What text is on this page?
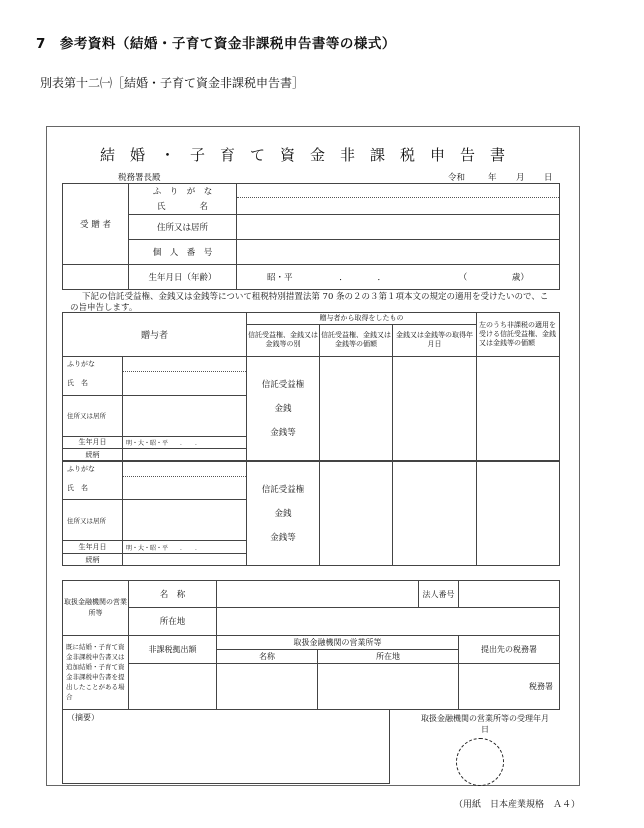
7　参考資料（結婚・子育て資金非課税申告書等の様式）
別表第十二㈠［結婚・子育て資金非課税申告書］
結婚・子育て資金非課税申告書
税務署長殿	令和	年 月 日
受 贈 者	ふ　り　が　な	
	氏　　　　名	
	住所又は居所	
	個　人　番　号	
	生年月日（年齢）	昭・平 ．　　　　． （ 歳）
下記の信託受益権、金銭又は金銭等について租税特別措置法第 70 条の２の３第１項本文の規定の適用を受けたいので、この旨申告します。
贈与者		贈与者から取得をしたもの			左のうち非課税の適用を受ける信託受益権、金銭又は金銭等の価額
		信託受益権、金銭又は金銭等の別	信託受益権、金銭又は金銭等の価額	金銭又は金銭等の取得年月日	
ふりがな		信託受益権
金銭
金銭等			

氏　名					
住所又は居所					
生年月日	明・大・昭・平　　．　　．				
続柄					
ふりがな		信託受益権
金銭
金銭等			

氏　名					
住所又は居所					
生年月日	明・大・昭・平　　．　　．				
続柄					
取扱金融機関の営業所等	名　称			法人番号	
	所在地				
既に結婚・子育て資金非課税申告書又は追加結婚・子育て資金非課税申告書を提出したことがある場合	非課税拠出額	取扱金融機関の営業所等			提出先の税務署
		名称	所在地		
					税務署
（摘要）	取扱金融機関の営業所等の受理年月日
（用紙　日本産業規格　Ａ４）
